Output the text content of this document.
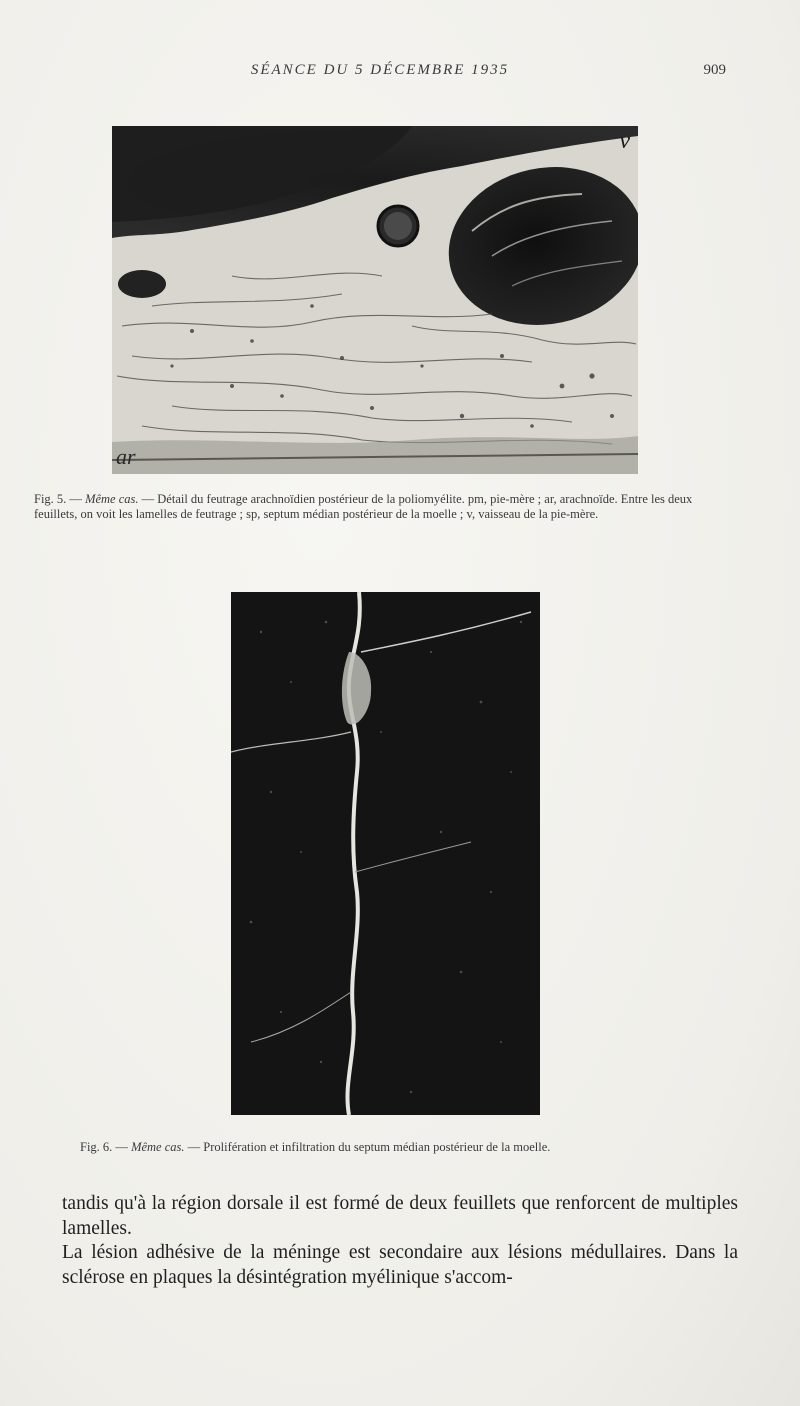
SÉANCE DU 5 DÉCEMBRE 1935	909
v
ar
Fig. 5. — Même cas. — Détail du feutrage arachnoïdien postérieur de la poliomyélite. pm, pie-mère ; ar, arachnoïde. Entre les deux feuillets, on voit les lamelles de feutrage ; sp, septum médian postérieur de la moelle ; v, vaisseau de la pie-mère.
Fig. 6. — Même cas. — Prolifération et infiltration du septum médian postérieur de la moelle.

tandis qu'à la région dorsale il est formé de deux feuillets que renforcent de multiples lamelles.

La lésion adhésive de la méninge est secondaire aux lésions médullaires. Dans la sclérose en plaques la désintégration myélinique s'accom-
